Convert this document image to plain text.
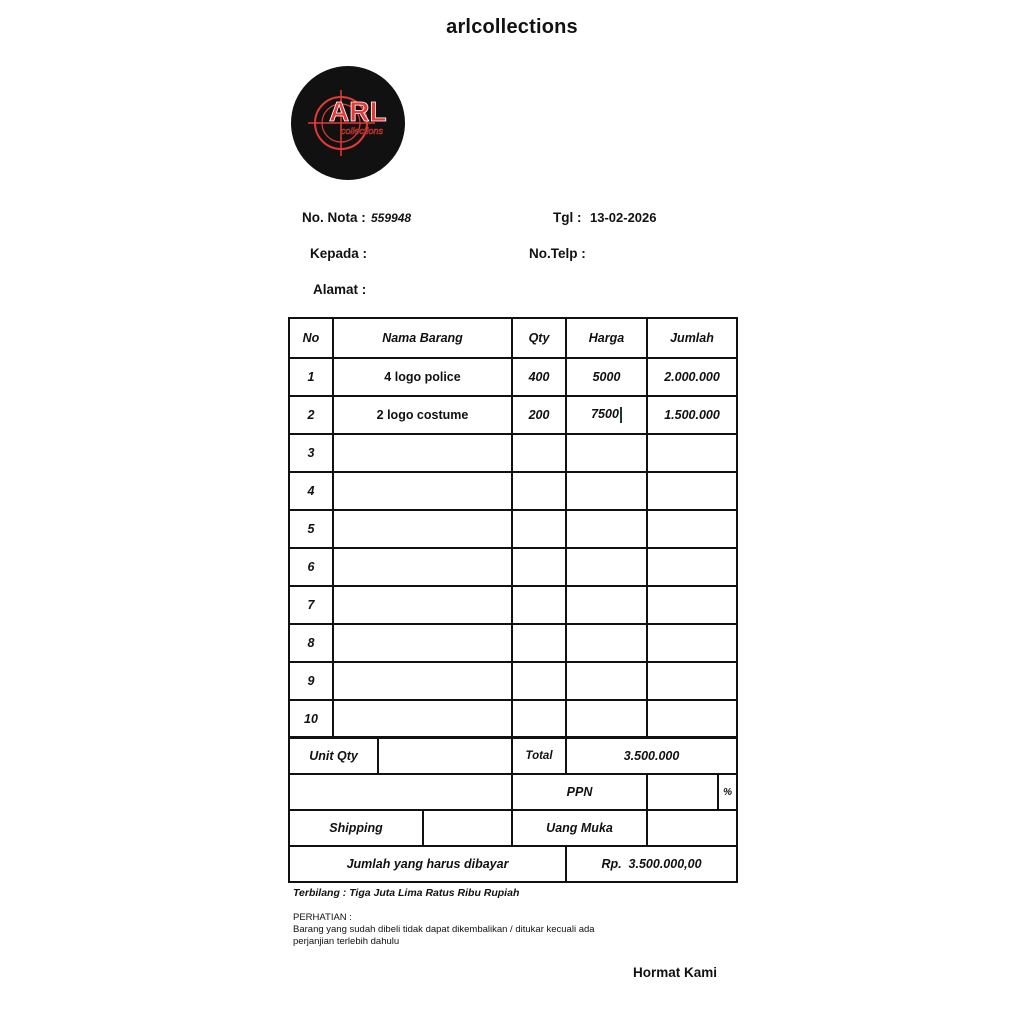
arlcollections
ARL
collections
No. Nota : 559948	Tgl : 13-02-2026
Kepada :	No.Telp :
Alamat :
No	Nama Barang	Qty	Harga	Jumlah
1	4 logo police	400	5000	2.000.000
2	2 logo costume	200	7500	1.500.000
3				
4				
5				
6				
7				
8				
9				
10				
Unit Qty			Total	3.500.000		
			PPN			%
Shipping			Uang Muka			
Jumlah yang harus dibayar				Rp.  3.500.000,00		
Terbilang : Tiga Juta Lima Ratus Ribu Rupiah
PERHATIAN :
Barang yang sudah dibeli tidak dapat dikembalikan / ditukar kecuali ada perjanjian terlebih dahulu
Hormat Kami
